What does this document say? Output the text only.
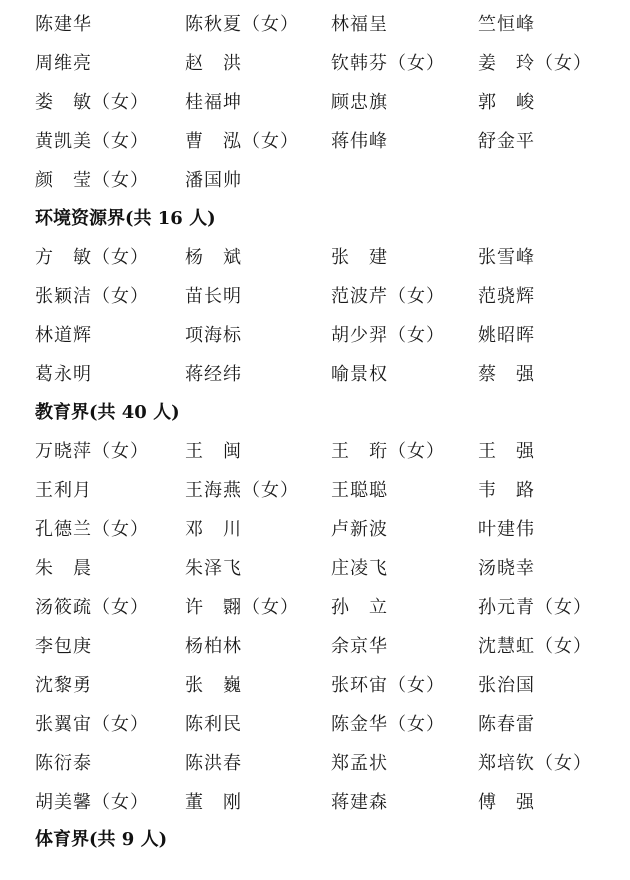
陈建华	陈秋夏（女） 林福呈	竺恒峰
周维亮	赵　洪	钦韩芬（女） 姜　玲（女）
娄　敏（女） 桂福坤	顾忠旗	郭　峻
黄凯美（女） 曹　泓（女） 蒋伟峰	舒金平
颜　莹（女） 潘国帅
环境资源界(共 16 人)
方　敏（女） 杨　斌	张　建	张雪峰
张颖洁（女） 苗长明	范波芹（女） 范骁辉
林道辉	项海标	胡少羿（女） 姚昭晖
葛永明	蒋经纬	喻景权	蔡　强
教育界(共 40 人)
万晓萍（女） 王　闽	王　珩（女） 王　强
王利月	王海燕（女） 王聪聪	韦　路
孔德兰（女） 邓　川	卢新波	叶建伟
朱　晨	朱泽飞	庄凌飞	汤晓幸
汤筱疏（女） 许　翾（女） 孙　立	孙元青（女）
李包庚	杨柏林	余京华	沈慧虹（女）
沈黎勇	张　巍	张环宙（女） 张治国
张翼宙（女） 陈利民	陈金华（女） 陈春雷
陈衍泰	陈洪春	郑孟状	郑培钦（女）
胡美馨（女） 董　刚	蒋建森	傅　强
体育界(共 9 人)
